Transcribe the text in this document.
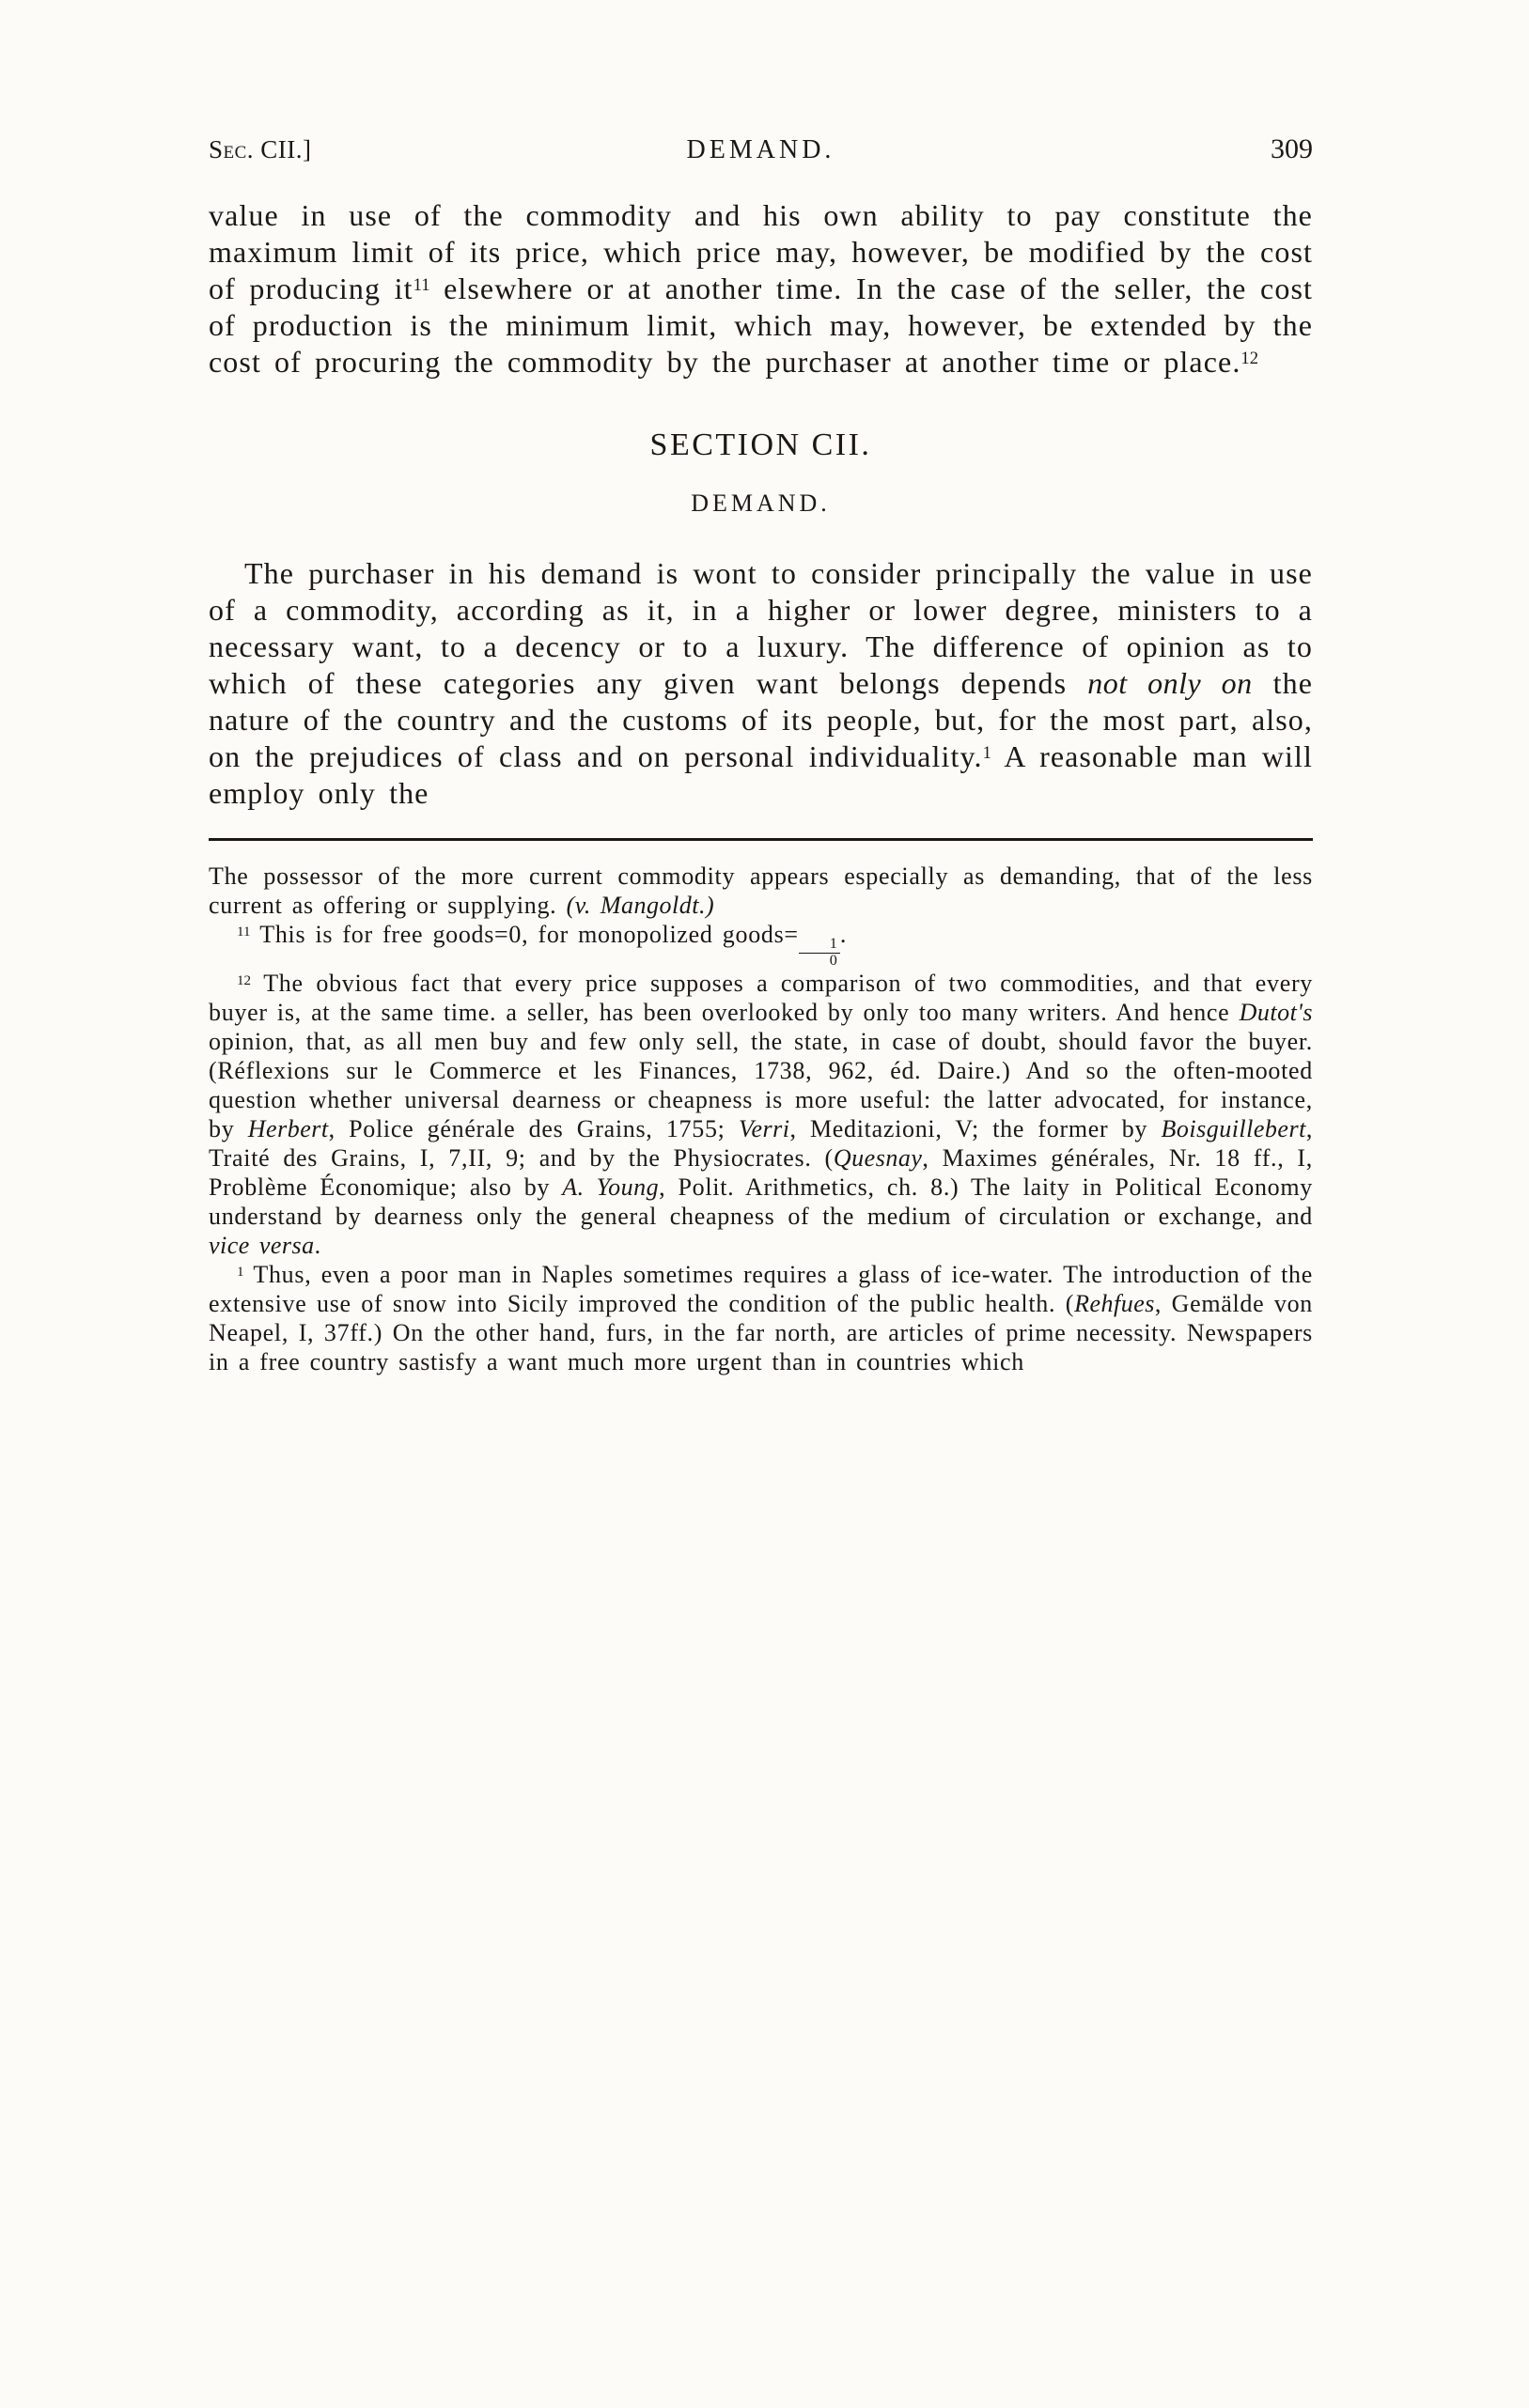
Sec. CII.]	DEMAND.	309

value in use of the commodity and his own ability to pay constitute the maximum limit of its price, which price may, however, be modified by the cost of producing $it^{11}$ elsewhere or at another time. In the case of the seller, the cost of production is the minimum limit, which may, however, be extended by the cost of procuring the commodity by the purchaser at another time or place.$^{12}$

SECTION CII.
DEMAND.

The purchaser in his demand is wont to consider principally the value in use of a commodity, according as it, in a higher or lower degree, ministers to a necessary want, to a decency or to a luxury. The difference of opinion as to which of these categories any given want belongs depends not only on the nature of the country and the customs of its people, but, for the most part, also, on the prejudices of class and on personal individuality.$^1$ A reasonable man will employ only the

The possessor of the more current commodity appears especially as demanding, that of the less current as offering or supplying. (v. Mangoldt.)

$^{11}$ This is for free goods=0, for monopolized goods=
$\frac{1}{0}$
.

$^{12}$ The obvious fact that every price supposes a comparison of two commodities, and that every buyer is, at the same time. a seller, has been overlooked by only too many writers. And hence Dutot's opinion, that, as all men buy and few only sell, the state, in case of doubt, should favor the buyer. (Réflexions sur le Commerce et les Finances, 1738, 962, éd. Daire.) And so the often-mooted question whether universal dearness or cheapness is more useful: the latter advocated, for instance, by Herbert, Police générale des Grains, 1755; Verri, Meditazioni, V; the former by Boisguillebert, Traité des Grains, I, 7,II, 9; and by the Physiocrates. (Quesnay, Maximes générales, Nr. 18 ff., I, Problème Économique; also by A. Young, Polit. Arithmetics, ch. 8.) The laity in Political Economy understand by dearness only the general cheapness of the medium of circulation or exchange, and vice versa.

$^1$ Thus, even a poor man in Naples sometimes requires a glass of ice-water. The introduction of the extensive use of snow into Sicily improved the condition of the public health. (Rehfues, Gemälde von Neapel, I, 37ff.) On the other hand, furs, in the far north, are articles of prime necessity. Newspapers in a free country sastisfy a want much more urgent than in countries which
